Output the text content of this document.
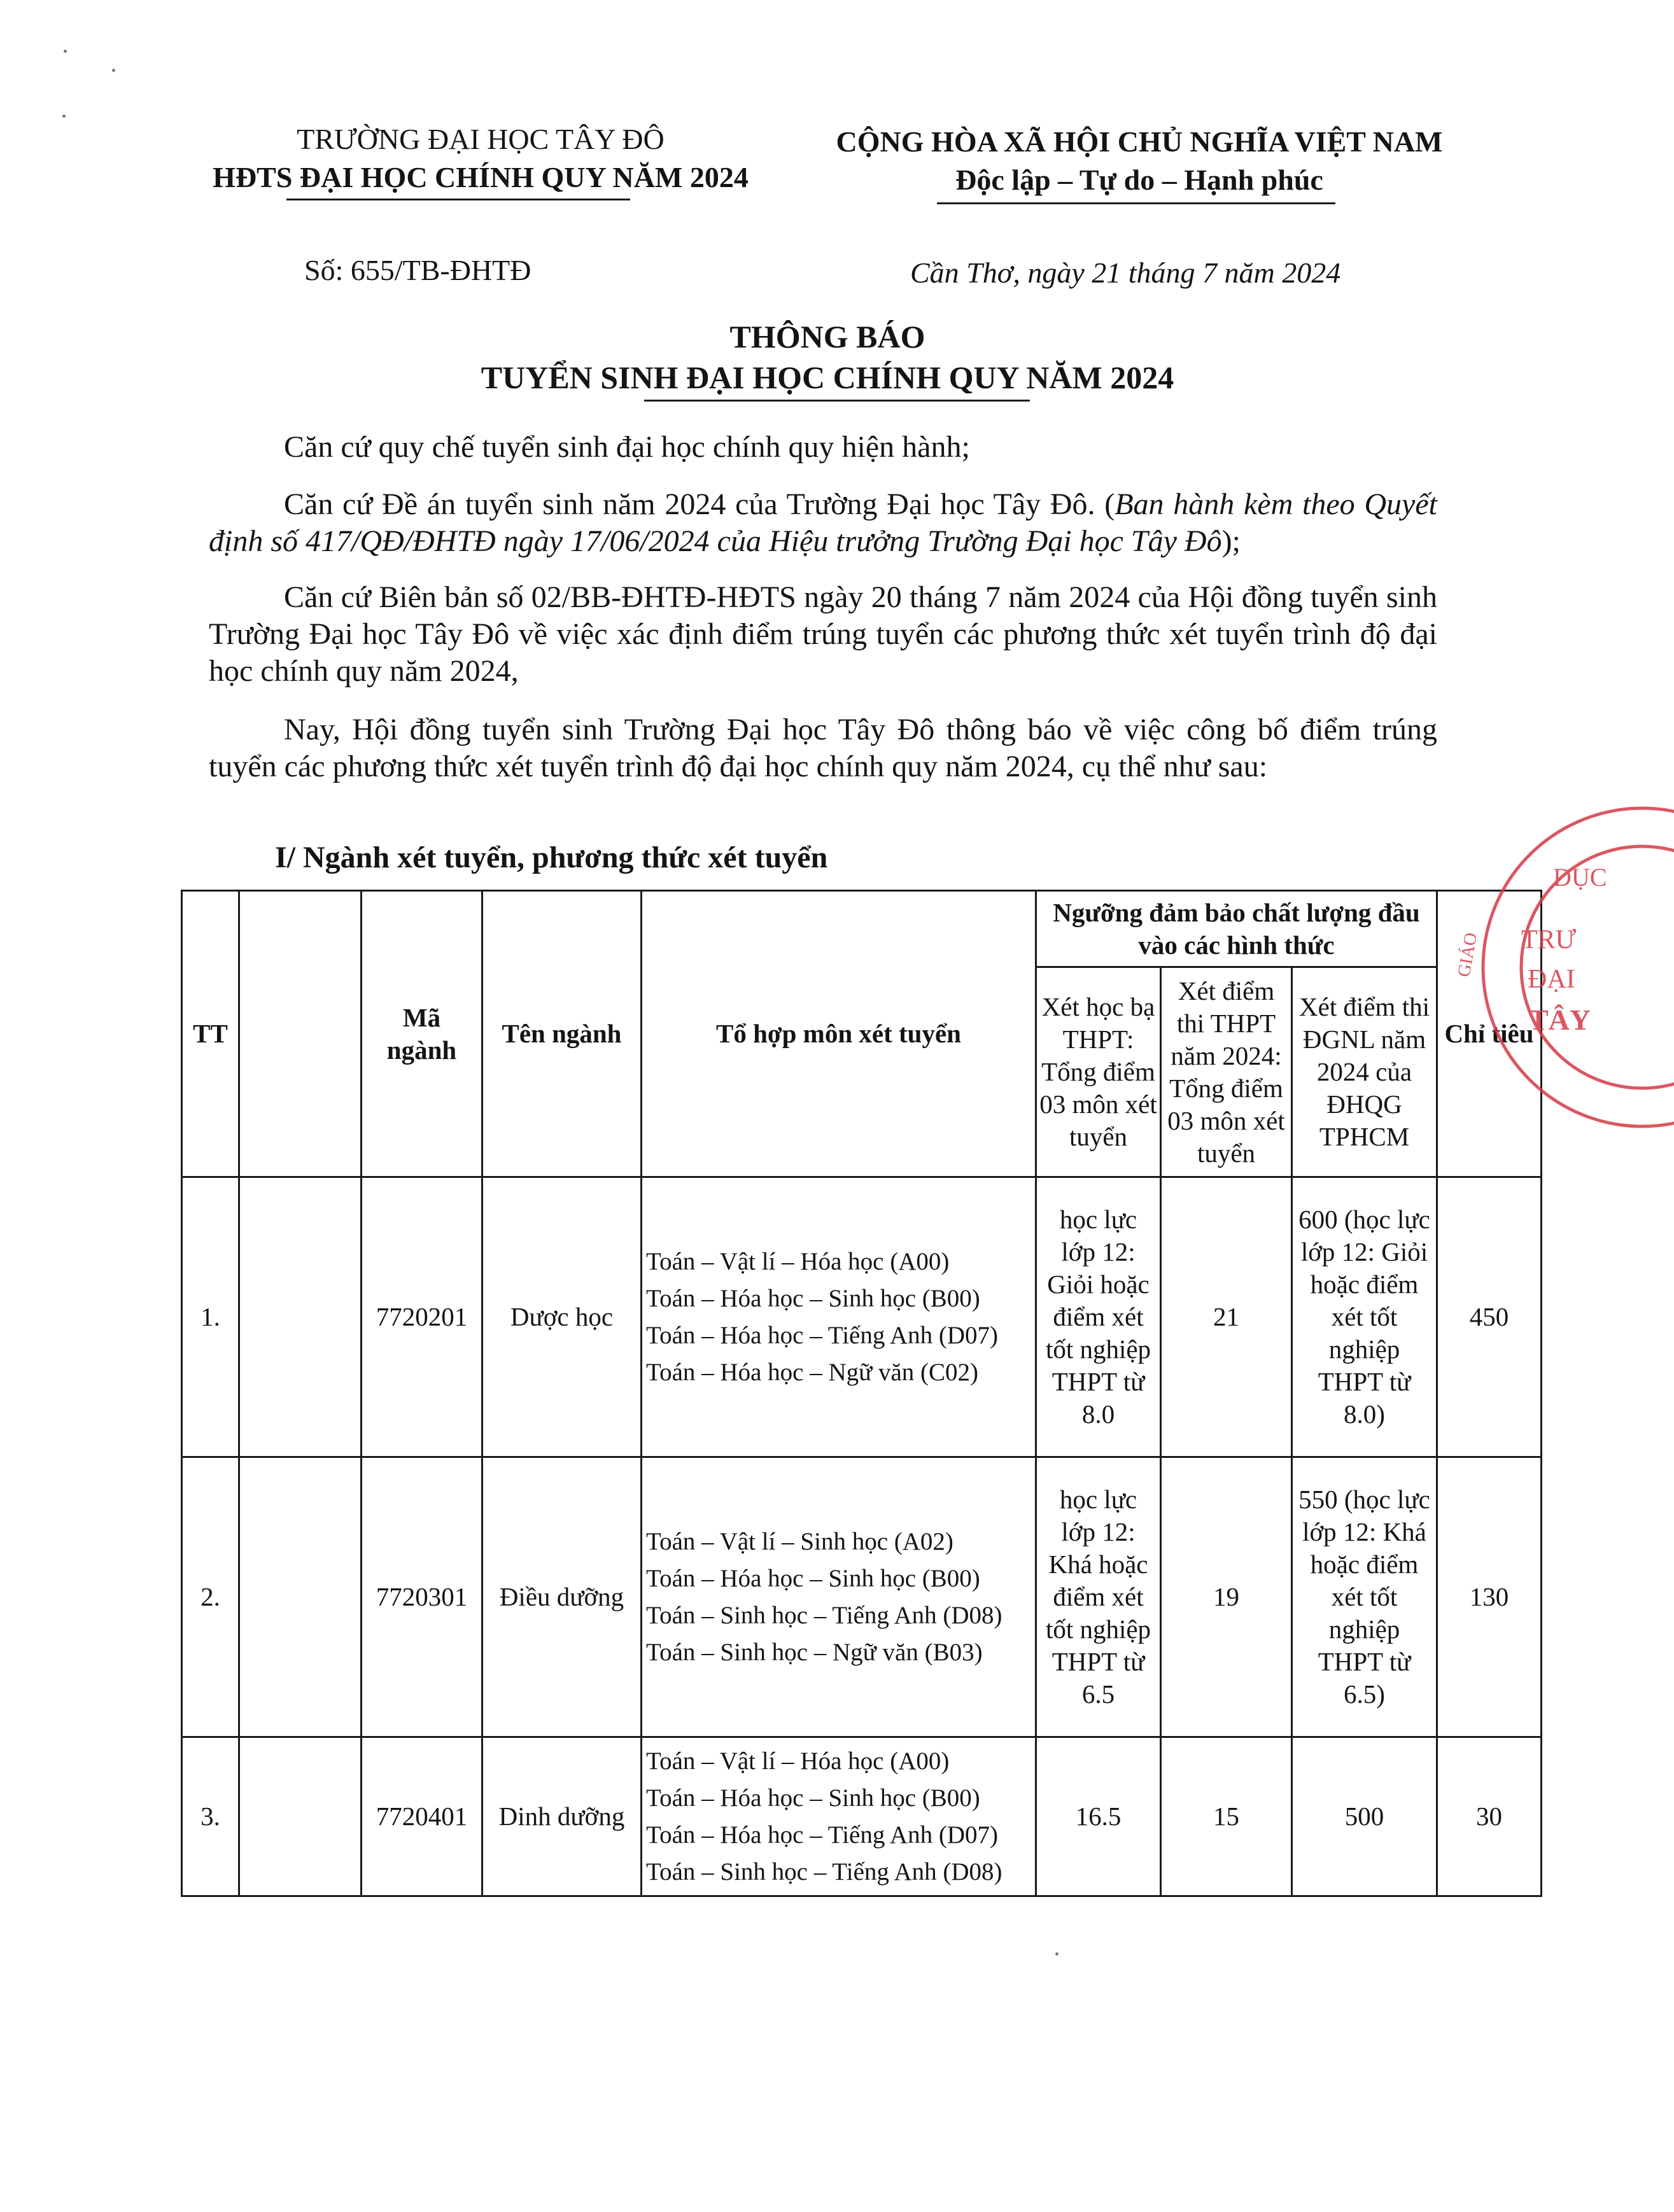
TRƯỜNG ĐẠI HỌC TÂY ĐÔ
HĐTS ĐẠI HỌC CHÍNH QUY NĂM 2024
CỘNG HÒA XÃ HỘI CHỦ NGHĨA VIỆT NAM
Độc lập – Tự do – Hạnh phúc
Số: 655/TB-ĐHTĐ	Cần Thơ, ngày 21 tháng 7 năm 2024
THÔNG BÁO
TUYỂN SINH ĐẠI HỌC CHÍNH QUY NĂM 2024
Căn cứ quy chế tuyển sinh đại học chính quy hiện hành;
Căn cứ Đề án tuyển sinh năm 2024 của Trường Đại học Tây Đô. (Ban hành kèm theo Quyết định số 417/QĐ/ĐHTĐ ngày 17/06/2024 của Hiệu trưởng Trường Đại học Tây Đô);
Căn cứ Biên bản số 02/BB-ĐHTĐ-HĐTS ngày 20 tháng 7 năm 2024 của Hội đồng tuyển sinh Trường Đại học Tây Đô về việc xác định điểm trúng tuyển các phương thức xét tuyển trình độ đại học chính quy năm 2024,
Nay, Hội đồng tuyển sinh Trường Đại học Tây Đô thông báo về việc công bố điểm trúng tuyển các phương thức xét tuyển trình độ đại học chính quy năm 2024, cụ thể như sau:
I/ Ngành xét tuyển, phương thức xét tuyển
TT		Mã ngành	Tên ngành	Tổ hợp môn xét tuyển	Ngưỡng đảm bảo chất lượng đầu vào các hình thức			Chỉ tiêu
					Xét học bạ THPT: Tổng điểm 03 môn xét tuyển	Xét điểm thi THPT năm 2024: Tổng điểm 03 môn xét tuyển	Xét điểm thi ĐGNL năm 2024 của ĐHQG TPHCM	
1.		7720201	Dược học	Toán – Vật lí – Hóa học (A00)
Toán – Hóa học – Sinh học (B00)
Toán – Hóa học – Tiếng Anh (D07)
Toán – Hóa học – Ngữ văn (C02)	học lực lớp 12: Giỏi hoặc điểm xét tốt nghiệp THPT từ 8.0	21	600 (học lực lớp 12: Giỏi hoặc điểm xét tốt nghiệp THPT từ 8.0)	450
2.		7720301	Điều dưỡng	Toán – Vật lí – Sinh học (A02)
Toán – Hóa học – Sinh học (B00)
Toán – Sinh học – Tiếng Anh (D08)
Toán – Sinh học – Ngữ văn (B03)	học lực lớp 12: Khá hoặc điểm xét tốt nghiệp THPT từ 6.5	19	550 (học lực lớp 12: Khá hoặc điểm xét tốt nghiệp THPT từ 6.5)	130
3.		7720401	Dinh dưỡng	Toán – Vật lí – Hóa học (A00)
Toán – Hóa học – Sinh học (B00)
Toán – Hóa học – Tiếng Anh (D07)
Toán – Sinh học – Tiếng Anh (D08)	16.5	15	500	30
DỤC
TRƯ
ĐẠI
TÂY
GIÁO
